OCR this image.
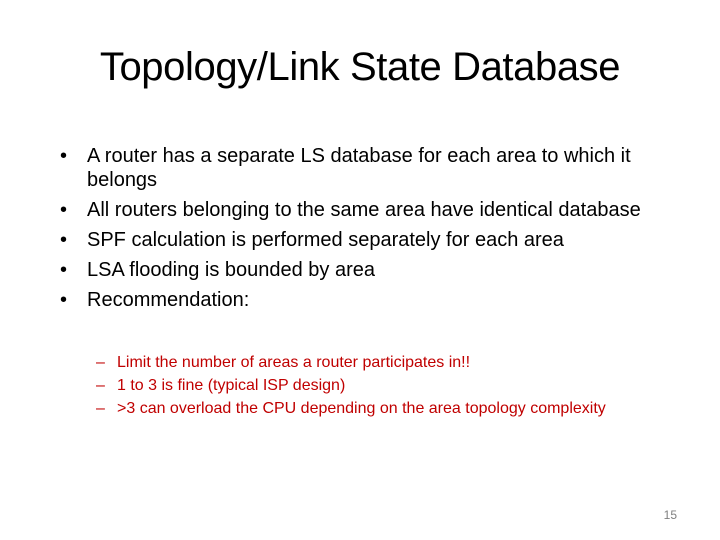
Topology/Link State Database
• A router has a separate LS database for each area to which it belongs
• All routers belonging to the same area have identical database
• SPF calculation is performed separately for each area
• LSA flooding is bounded by area
• Recommendation:
– Limit the number of areas a router participates in!!
– 1 to 3 is fine (typical ISP design)
– >3 can overload the CPU depending on the area topology complexity
15
